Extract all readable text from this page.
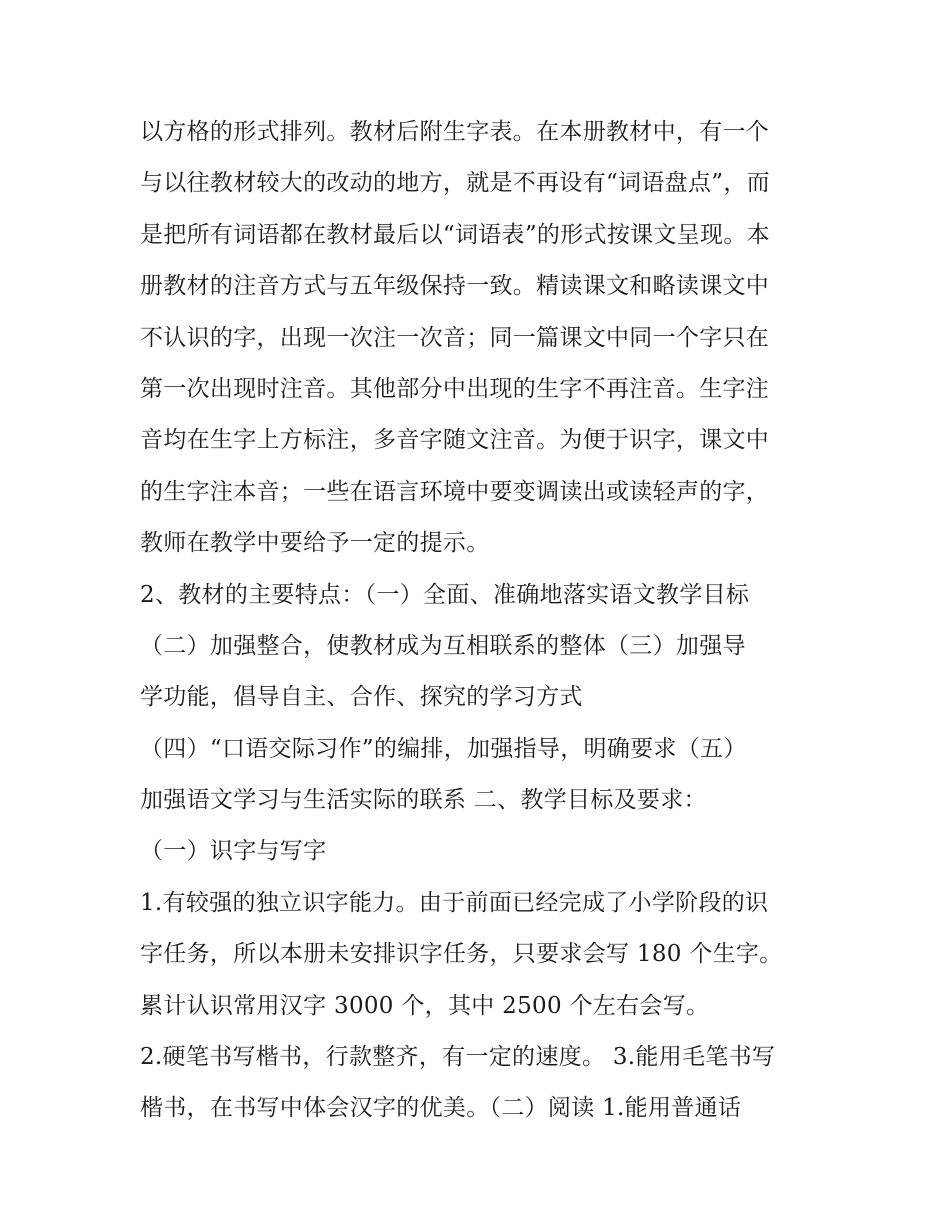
以方格的形式排列。教材后附生字表。在本册教材中，有一个
与以往教材较大的改动的地方，就是不再设有“词语盘点”，而
是把所有词语都在教材最后以“词语表”的形式按课文呈现。本
册教材的注音方式与五年级保持一致。精读课文和略读课文中
不认识的字，出现一次注一次音；同一篇课文中同一个字只在
第一次出现时注音。其他部分中出现的生字不再注音。生字注
音均在生字上方标注，多音字随文注音。为便于识字，课文中
的生字注本音；一些在语言环境中要变调读出或读轻声的字，
教师在教学中要给予一定的提示。
2、教材的主要特点：（一）全面、准确地落实语文教学目标
（二）加强整合，使教材成为互相联系的整体（三）加强导
学功能，倡导自主、合作、探究的学习方式
（四）“口语交际习作”的编排，加强指导，明确要求（五）
加强语文学习与生活实际的联系 二、教学目标及要求：
（一）识字与写字
1.有较强的独立识字能力。由于前面已经完成了小学阶段的识
字任务，所以本册未安排识字任务，只要求会写 180 个生字。
累计认识常用汉字 3000 个，其中 2500 个左右会写。
2.硬笔书写楷书，行款整齐，有一定的速度。 3.能用毛笔书写
楷书，在书写中体会汉字的优美。（二）阅读 1.能用普通话
